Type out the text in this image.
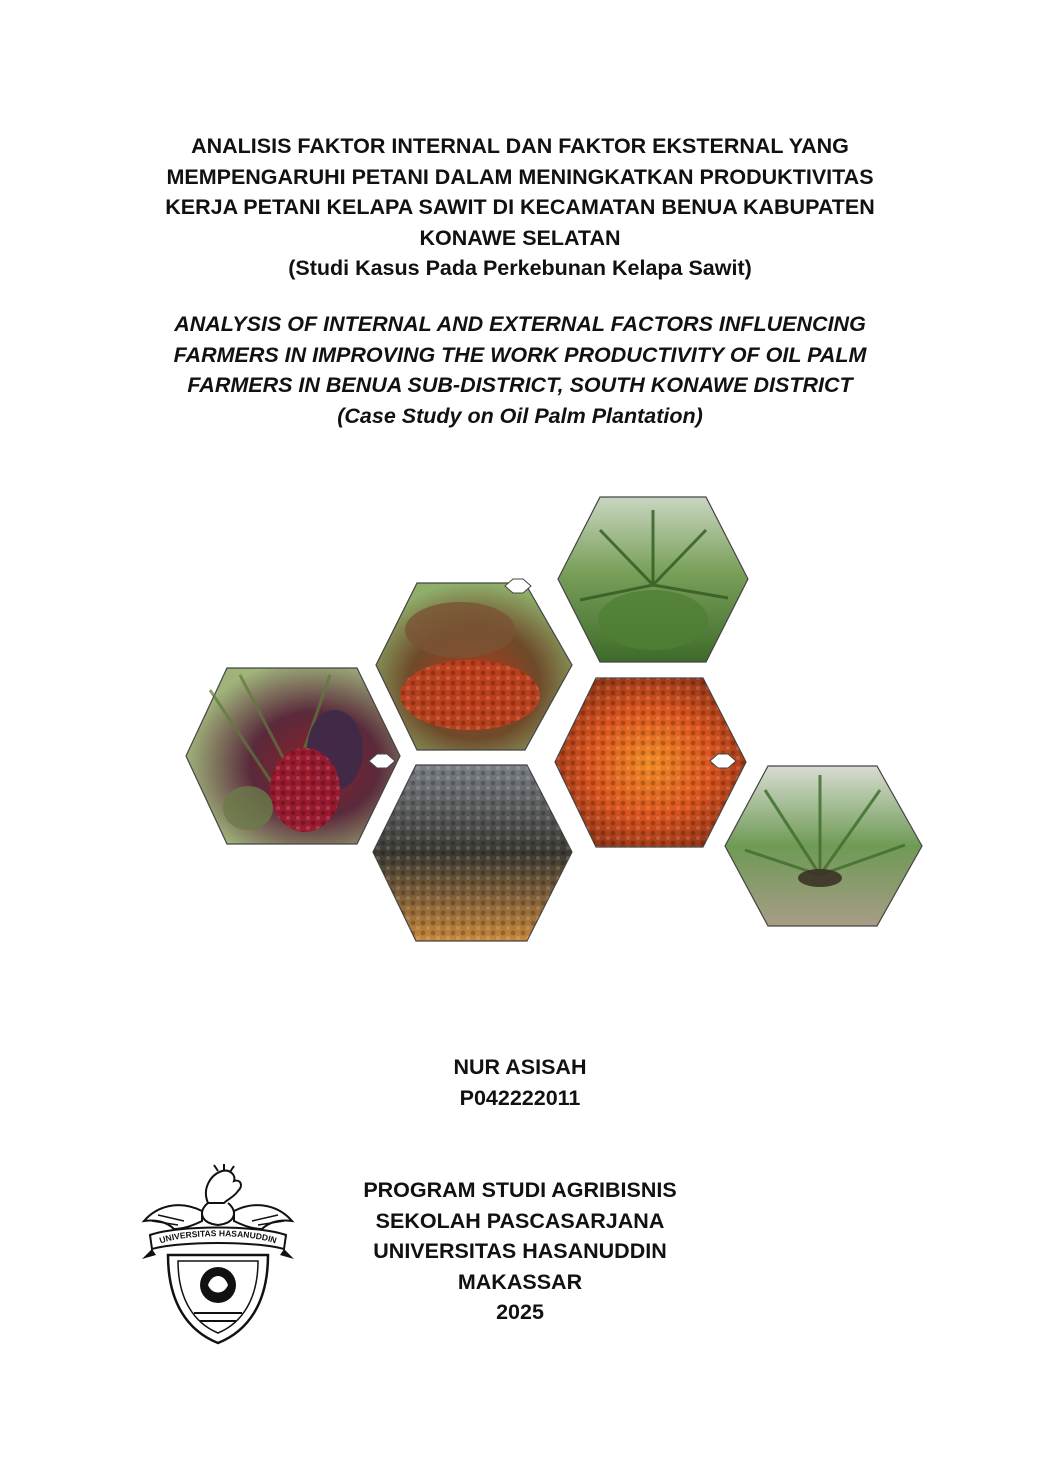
ANALISIS FAKTOR INTERNAL DAN FAKTOR EKSTERNAL YANG
MEMPENGARUHI PETANI DALAM MENINGKATKAN PRODUKTIVITAS
KERJA PETANI KELAPA SAWIT DI KECAMATAN BENUA KABUPATEN
KONAWE SELATAN
(Studi Kasus Pada Perkebunan Kelapa Sawit)
ANALYSIS OF INTERNAL AND EXTERNAL FACTORS INFLUENCING
FARMERS IN IMPROVING THE WORK PRODUCTIVITY OF OIL PALM
FARMERS IN BENUA SUB-DISTRICT, SOUTH KONAWE DISTRICT
(Case Study on Oil Palm Plantation)
NUR ASISAH
P042222011
UNIVERSITAS HASANUDDIN
PROGRAM STUDI AGRIBISNIS
SEKOLAH PASCASARJANA
UNIVERSITAS HASANUDDIN
MAKASSAR
2025
